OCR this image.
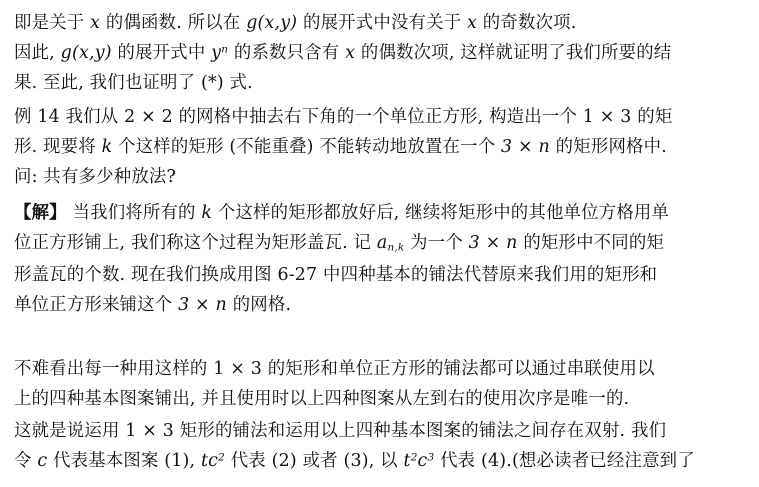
即是关于 x 的偶函数. 所以在 g(x,y) 的展开式中没有关于 x 的奇数次项.
因此, g(x,y) 的展开式中 $y^n$ 的系数只含有 x 的偶数次项, 这样就证明了我们所要的结
果. 至此, 我们也证明了 (*) 式.
例 14 我们从 2 × 2 的网格中抽去右下角的一个单位正方形, 构造出一个 1 × 3 的矩
形. 现要将 k 个这样的矩形 (不能重叠) 不能转动地放置在一个 3 × n 的矩形网格中.
问: 共有多少种放法?
【解】 当我们将所有的 k 个这样的矩形都放好后, 继续将矩形中的其他单位方格用单
位正方形铺上, 我们称这个过程为矩形盖瓦. 记 $a_{n,k}$ 为一个 3 × n 的矩形中不同的矩
形盖瓦的个数. 现在我们换成用图 6-27 中四种基本的铺法代替原来我们用的矩形和
单位正方形来铺这个 3 × n 的网格.
不难看出每一种用这样的 1 × 3 的矩形和单位正方形的铺法都可以通过串联使用以
上的四种基本图案铺出, 并且使用时以上四种图案从左到右的使用次序是唯一的.
这就是说运用 1 × 3 矩形的铺法和运用以上四种基本图案的铺法之间存在双射. 我们
令 c 代表基本图案 (1), $tc^2$ 代表 (2) 或者 (3), 以 $t^2c^3$ 代表 (4).(想必读者已经注意到了
